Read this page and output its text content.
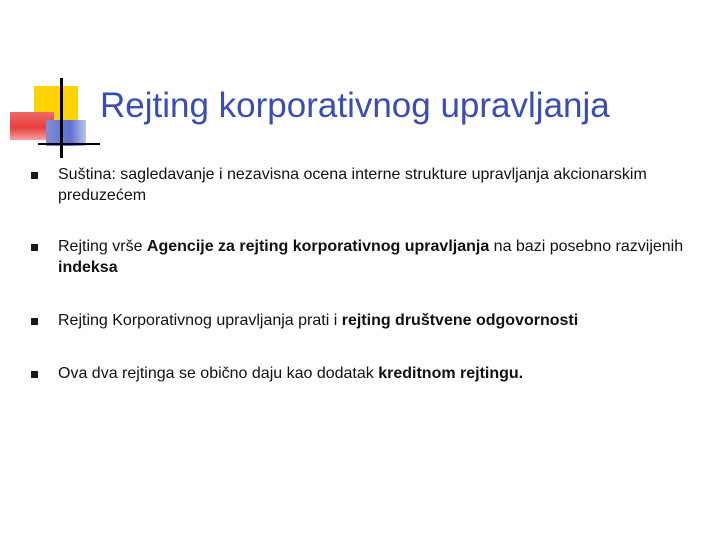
Rejting korporativnog upravljanja
Suština: sagledavanje i nezavisna ocena interne strukture upravljanja akcionarskim preduzećem
Rejting vrše Agencije za rejting korporativnog upravljanja na bazi posebno razvijenih indeksa
Rejting Korporativnog upravljanja prati i rejting društvene odgovornosti
Ova dva rejtinga se obično daju kao dodatak kreditnom rejtingu.
